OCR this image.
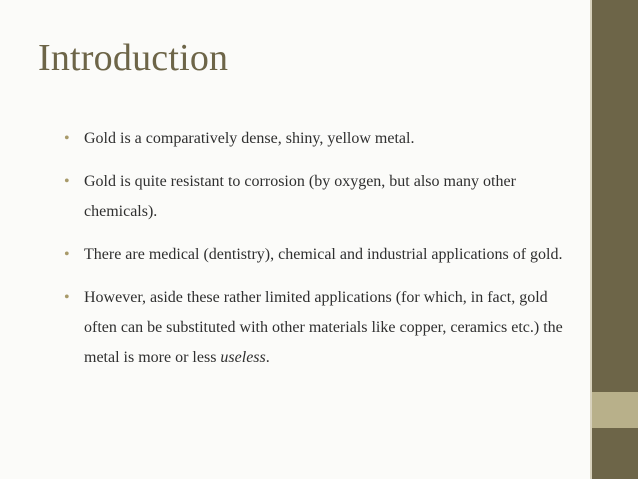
Introduction
• Gold is a comparatively dense, shiny, yellow metal.
• Gold is quite resistant to corrosion (by oxygen, but also many other chemicals).
• There are medical (dentistry), chemical and industrial applications of gold.
• However, aside these rather limited applications (for which, in fact, gold often can be substituted with other materials like copper, ceramics etc.) the metal is more or less useless.
